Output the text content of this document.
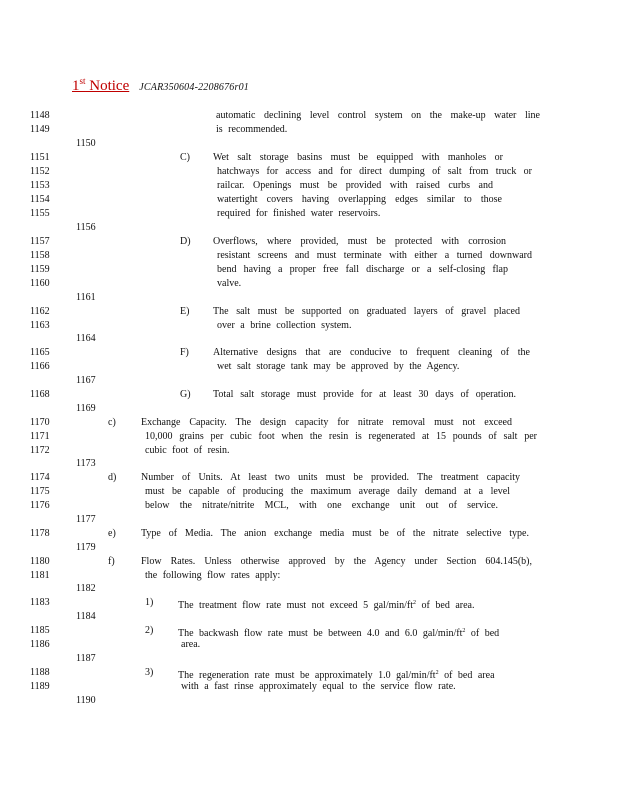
1st Notice JCAR350604-2208676r01
1148
1149
1151
1152
1153
1154
1155
1157
1158
1159
1160
1162
1163
1165
1166
1168
1170
1171
1172
1174
1175
1176
1178
1180
1181
1183
1185
1186
1188
1189
1150
1156
1161
1164
1167
1169
1173
1177
1179
1182
1184
1187
1190
C)
D)
E)
F)
G)
c)
d)
e)
f)
1)
2)
3)
automatic declining level control system on the make-up water line
is recommended.
Wet salt storage basins must be equipped with manholes or
hatchways for access and for direct dumping of salt from truck or
railcar. Openings must be provided with raised curbs and
watertight covers having overlapping edges similar to those
required for finished water reservoirs.
Overflows, where provided, must be protected with corrosion
resistant screens and must terminate with either a turned downward
bend having a proper free fall discharge or a self-closing flap
valve.
The salt must be supported on graduated layers of gravel placed
over a brine collection system.
Alternative designs that are conducive to frequent cleaning of the
wet salt storage tank may be approved by the Agency.
Total salt storage must provide for at least 30 days of operation.
Exchange Capacity. The design capacity for nitrate removal must not exceed
10,000 grains per cubic foot when the resin is regenerated at 15 pounds of salt per
cubic foot of resin.
Number of Units. At least two units must be provided. The treatment capacity
must be capable of producing the maximum average daily demand at a level
below the nitrate/nitrite MCL, with one exchange unit out of service.
Type of Media. The anion exchange media must be of the nitrate selective type.
Flow Rates. Unless otherwise approved by the Agency under Section 604.145(b),
the following flow rates apply:
The treatment flow rate must not exceed 5 gal/$\min/ft^2$ of bed area.
The backwash flow rate must be between 4.0 and 6.0 gal/$\min/ft^2$ of bed
area.
The regeneration rate must be approximately 1.0 gal/$\min/ft^2$ of bed area
with a fast rinse approximately equal to the service flow rate.
